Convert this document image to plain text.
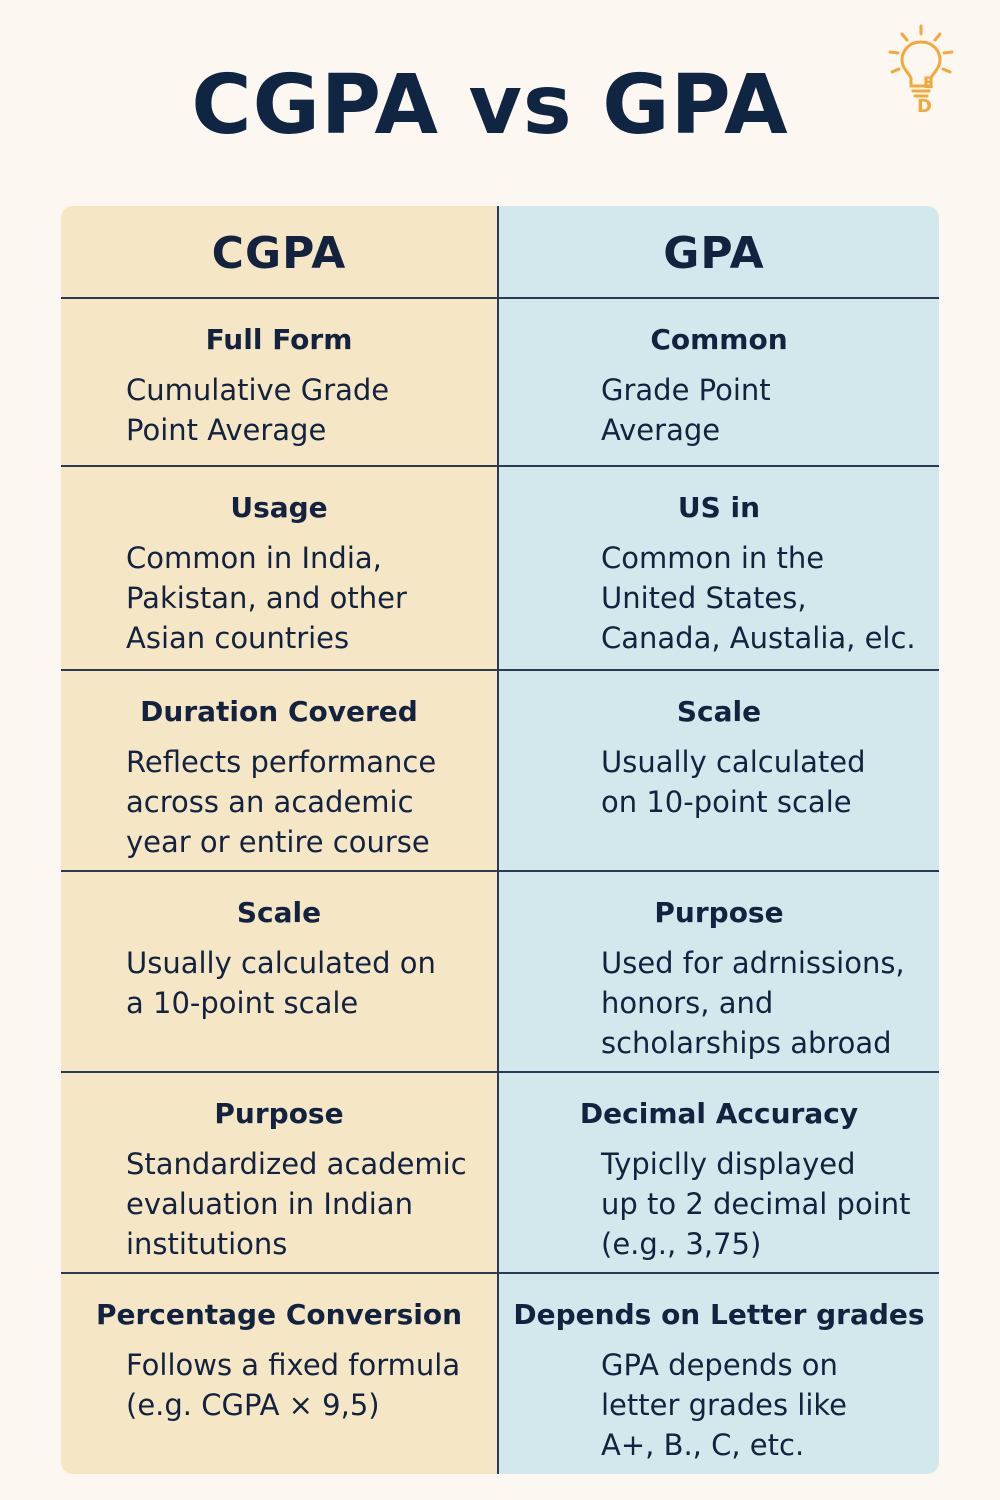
CGPA vs GPA	E
D
CGPA	GPA
Full Form
Cumulative Grade
Point Average
Common
Grade Point
Average
Usage
Common in India,
Pakistan, and other
Asian countries
US in
Common in the
United States,
Canada, Austalia, elc.
Duration Covered
Reflects performance
across an academic
year or entire course
Scale
Usually calculated
on 10-point scale
Scale
Usually calculated on
a 10-point scale
Purpose
Used for adrnissions,
honors, and
scholarships abroad
Purpose
Standardized academic
evaluation in Indian
institutions
Decimal Accuracy
Typiclly displayed
up to 2 decimal point
(e.g., 3,75)
Percentage Conversion
Follows a fixed formula
(e.g. CGPA × 9,5)
Depends on Letter grades
GPA depends on
letter grades like
A+, B., C, etc.
